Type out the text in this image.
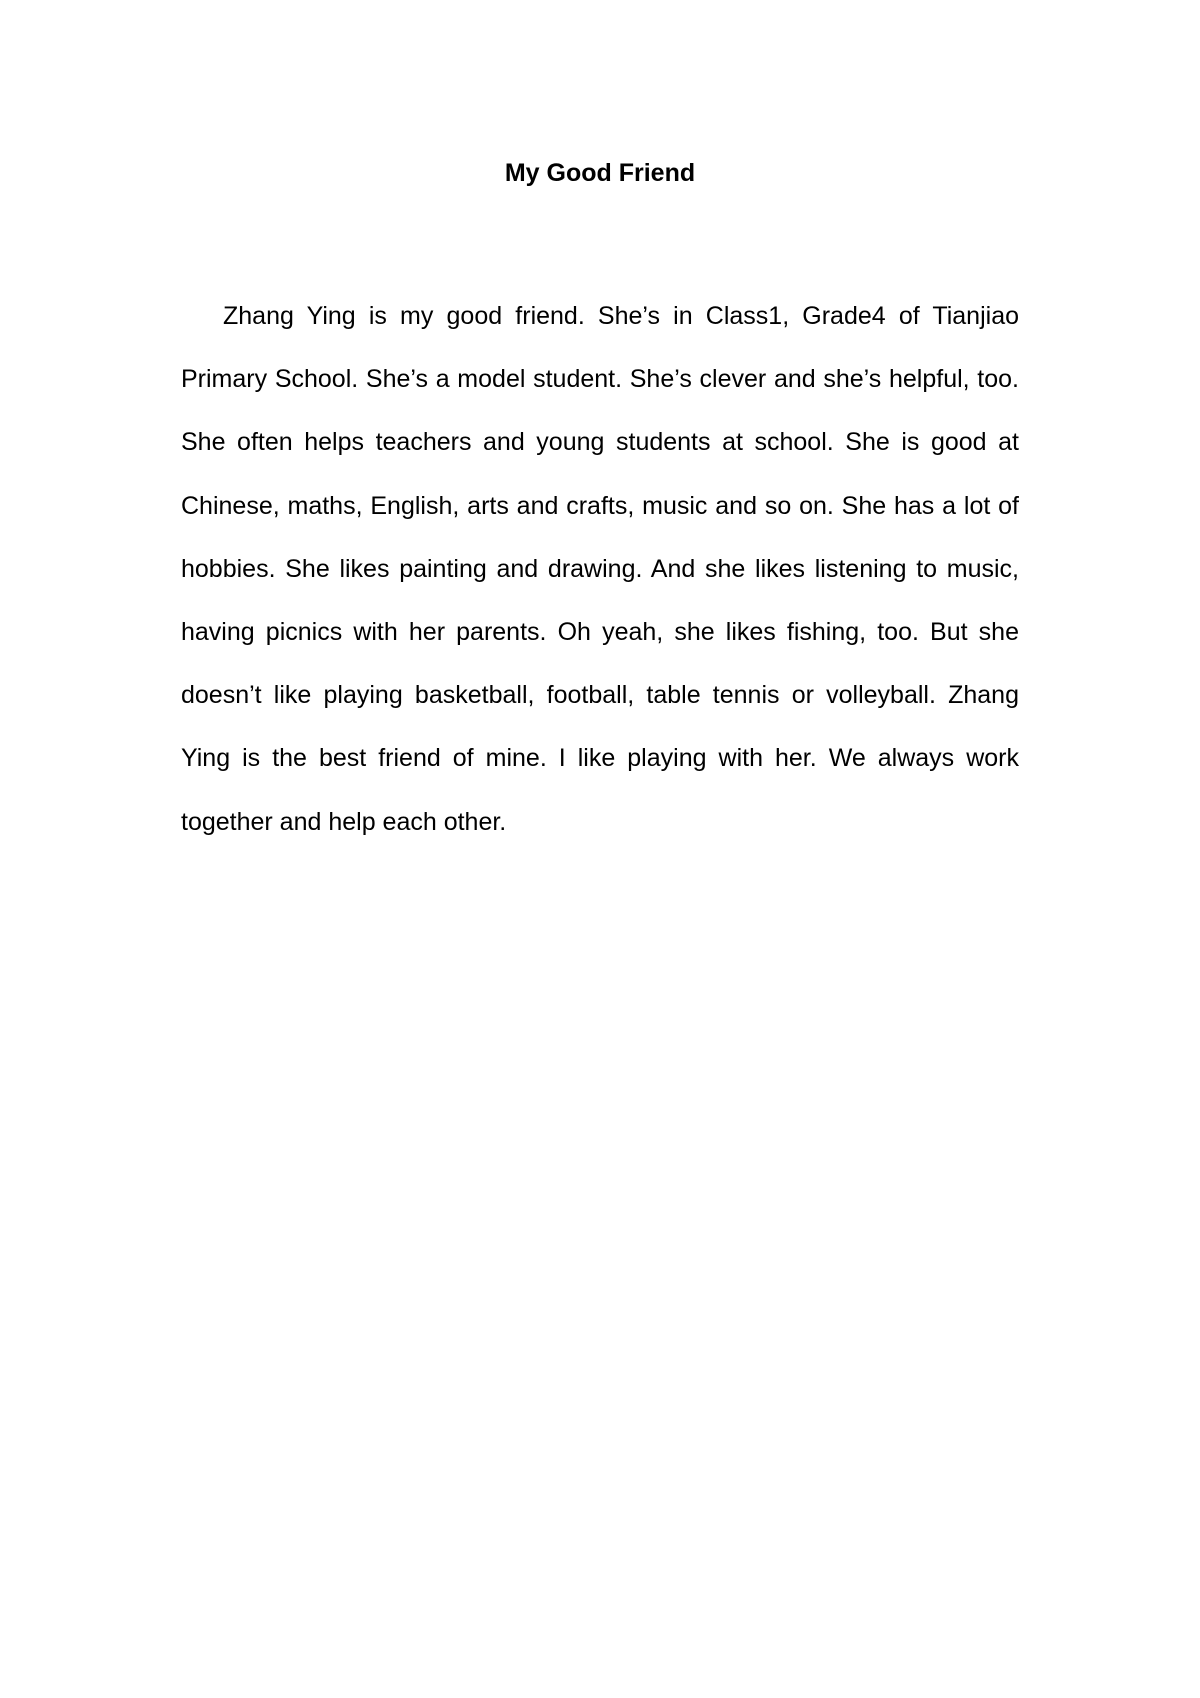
My Good Friend

Zhang Ying is my good friend. She’s in Class1, Grade4 of Tianjiao Primary School. She’s a model student. She’s clever and she’s helpful, too. She often helps teachers and young students at school. She is good at Chinese, maths, English, arts and crafts, music and so on. She has a lot of hobbies. She likes painting and drawing. And she likes listening to music, having picnics with her parents. Oh yeah, she likes fishing, too. But she doesn’t like playing basketball, football, table tennis or volleyball. Zhang Ying is the best friend of mine. I like playing with her. We always work together and help each other.
